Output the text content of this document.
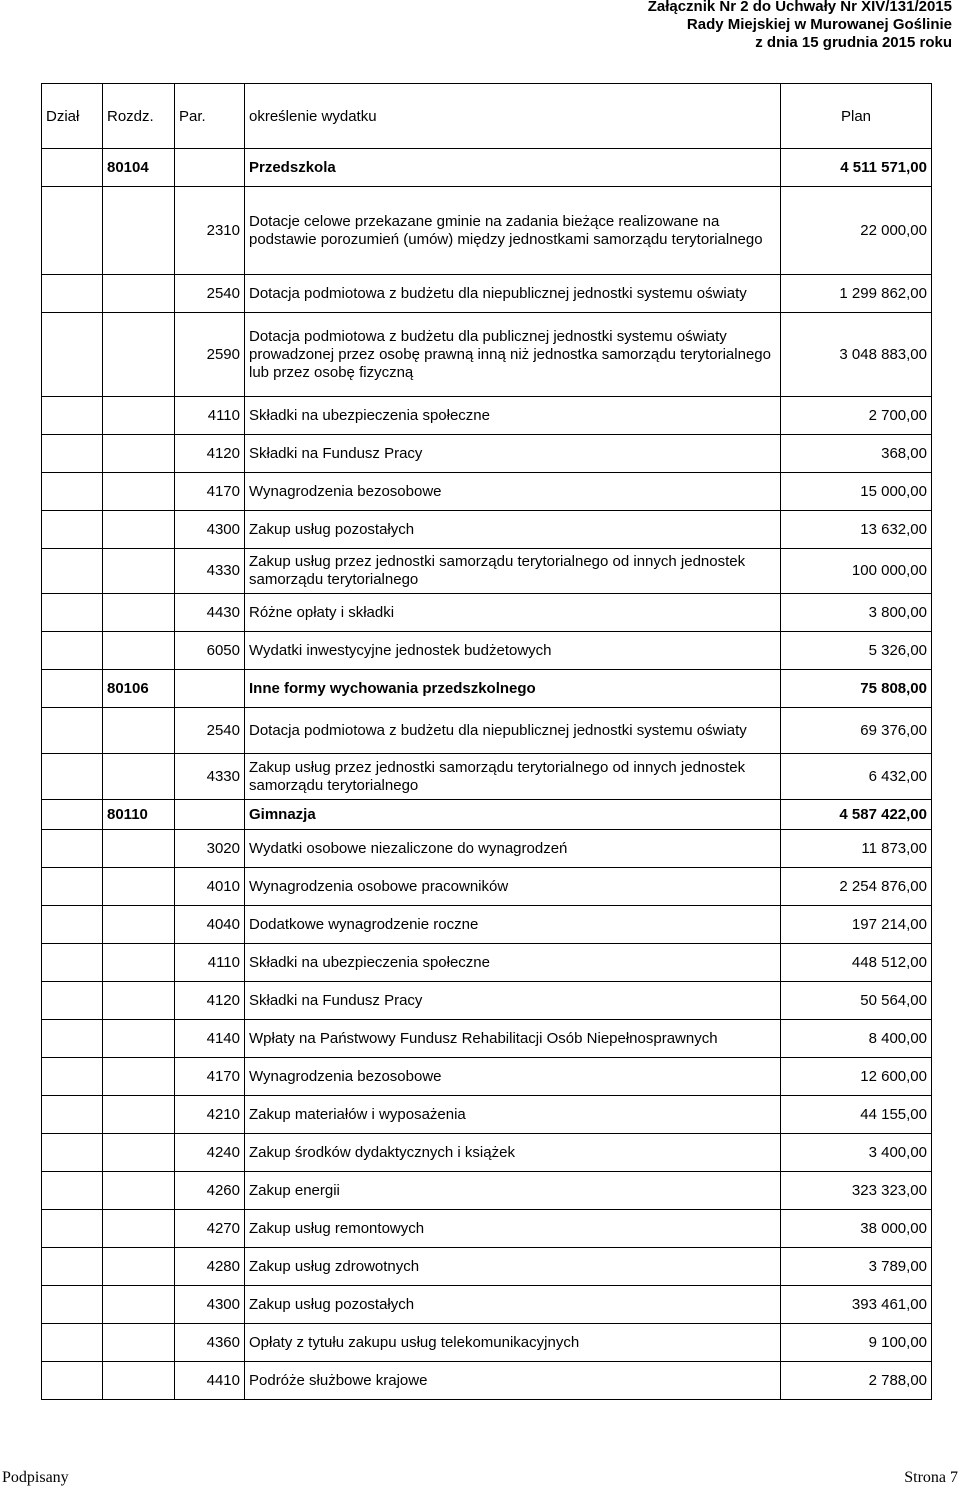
Załącznik Nr 2 do Uchwały Nr XIV/131/2015
Rady Miejskiej w Murowanej Goślinie
z dnia 15 grudnia 2015 roku
Dział	Rozdz.	Par.	określenie wydatku	Plan
	80104		Przedszkola	4 511 571,00
		2310	Dotacje celowe przekazane gminie na zadania bieżące realizowane na podstawie porozumień (umów) między jednostkami samorządu terytorialnego	22 000,00
		2540	Dotacja podmiotowa z budżetu dla niepublicznej jednostki systemu oświaty	1 299 862,00
		2590	Dotacja podmiotowa z budżetu dla publicznej jednostki systemu oświaty prowadzonej przez osobę prawną inną niż jednostka samorządu terytorialnego lub przez osobę fizyczną	3 048 883,00
		4110	Składki na ubezpieczenia społeczne	2 700,00
		4120	Składki na Fundusz Pracy	368,00
		4170	Wynagrodzenia bezosobowe	15 000,00
		4300	Zakup usług pozostałych	13 632,00
		4330	Zakup usług przez jednostki samorządu terytorialnego od innych jednostek samorządu terytorialnego	100 000,00
		4430	Różne opłaty i składki	3 800,00
		6050	Wydatki inwestycyjne jednostek budżetowych	5 326,00
	80106		Inne formy wychowania przedszkolnego	75 808,00
		2540	Dotacja podmiotowa z budżetu dla niepublicznej jednostki systemu oświaty	69 376,00
		4330	Zakup usług przez jednostki samorządu terytorialnego od innych jednostek samorządu terytorialnego	6 432,00
	80110		Gimnazja	4 587 422,00
		3020	Wydatki osobowe niezaliczone do wynagrodzeń	11 873,00
		4010	Wynagrodzenia osobowe pracowników	2 254 876,00
		4040	Dodatkowe wynagrodzenie roczne	197 214,00
		4110	Składki na ubezpieczenia społeczne	448 512,00
		4120	Składki na Fundusz Pracy	50 564,00
		4140	Wpłaty na Państwowy Fundusz Rehabilitacji Osób Niepełnosprawnych	8 400,00
		4170	Wynagrodzenia bezosobowe	12 600,00
		4210	Zakup materiałów i wyposażenia	44 155,00
		4240	Zakup środków dydaktycznych i książek	3 400,00
		4260	Zakup energii	323 323,00
		4270	Zakup usług remontowych	38 000,00
		4280	Zakup usług zdrowotnych	3 789,00
		4300	Zakup usług pozostałych	393 461,00
		4360	Opłaty z tytułu zakupu usług telekomunikacyjnych	9 100,00
		4410	Podróże służbowe krajowe	2 788,00
Podpisany	Strona 7
